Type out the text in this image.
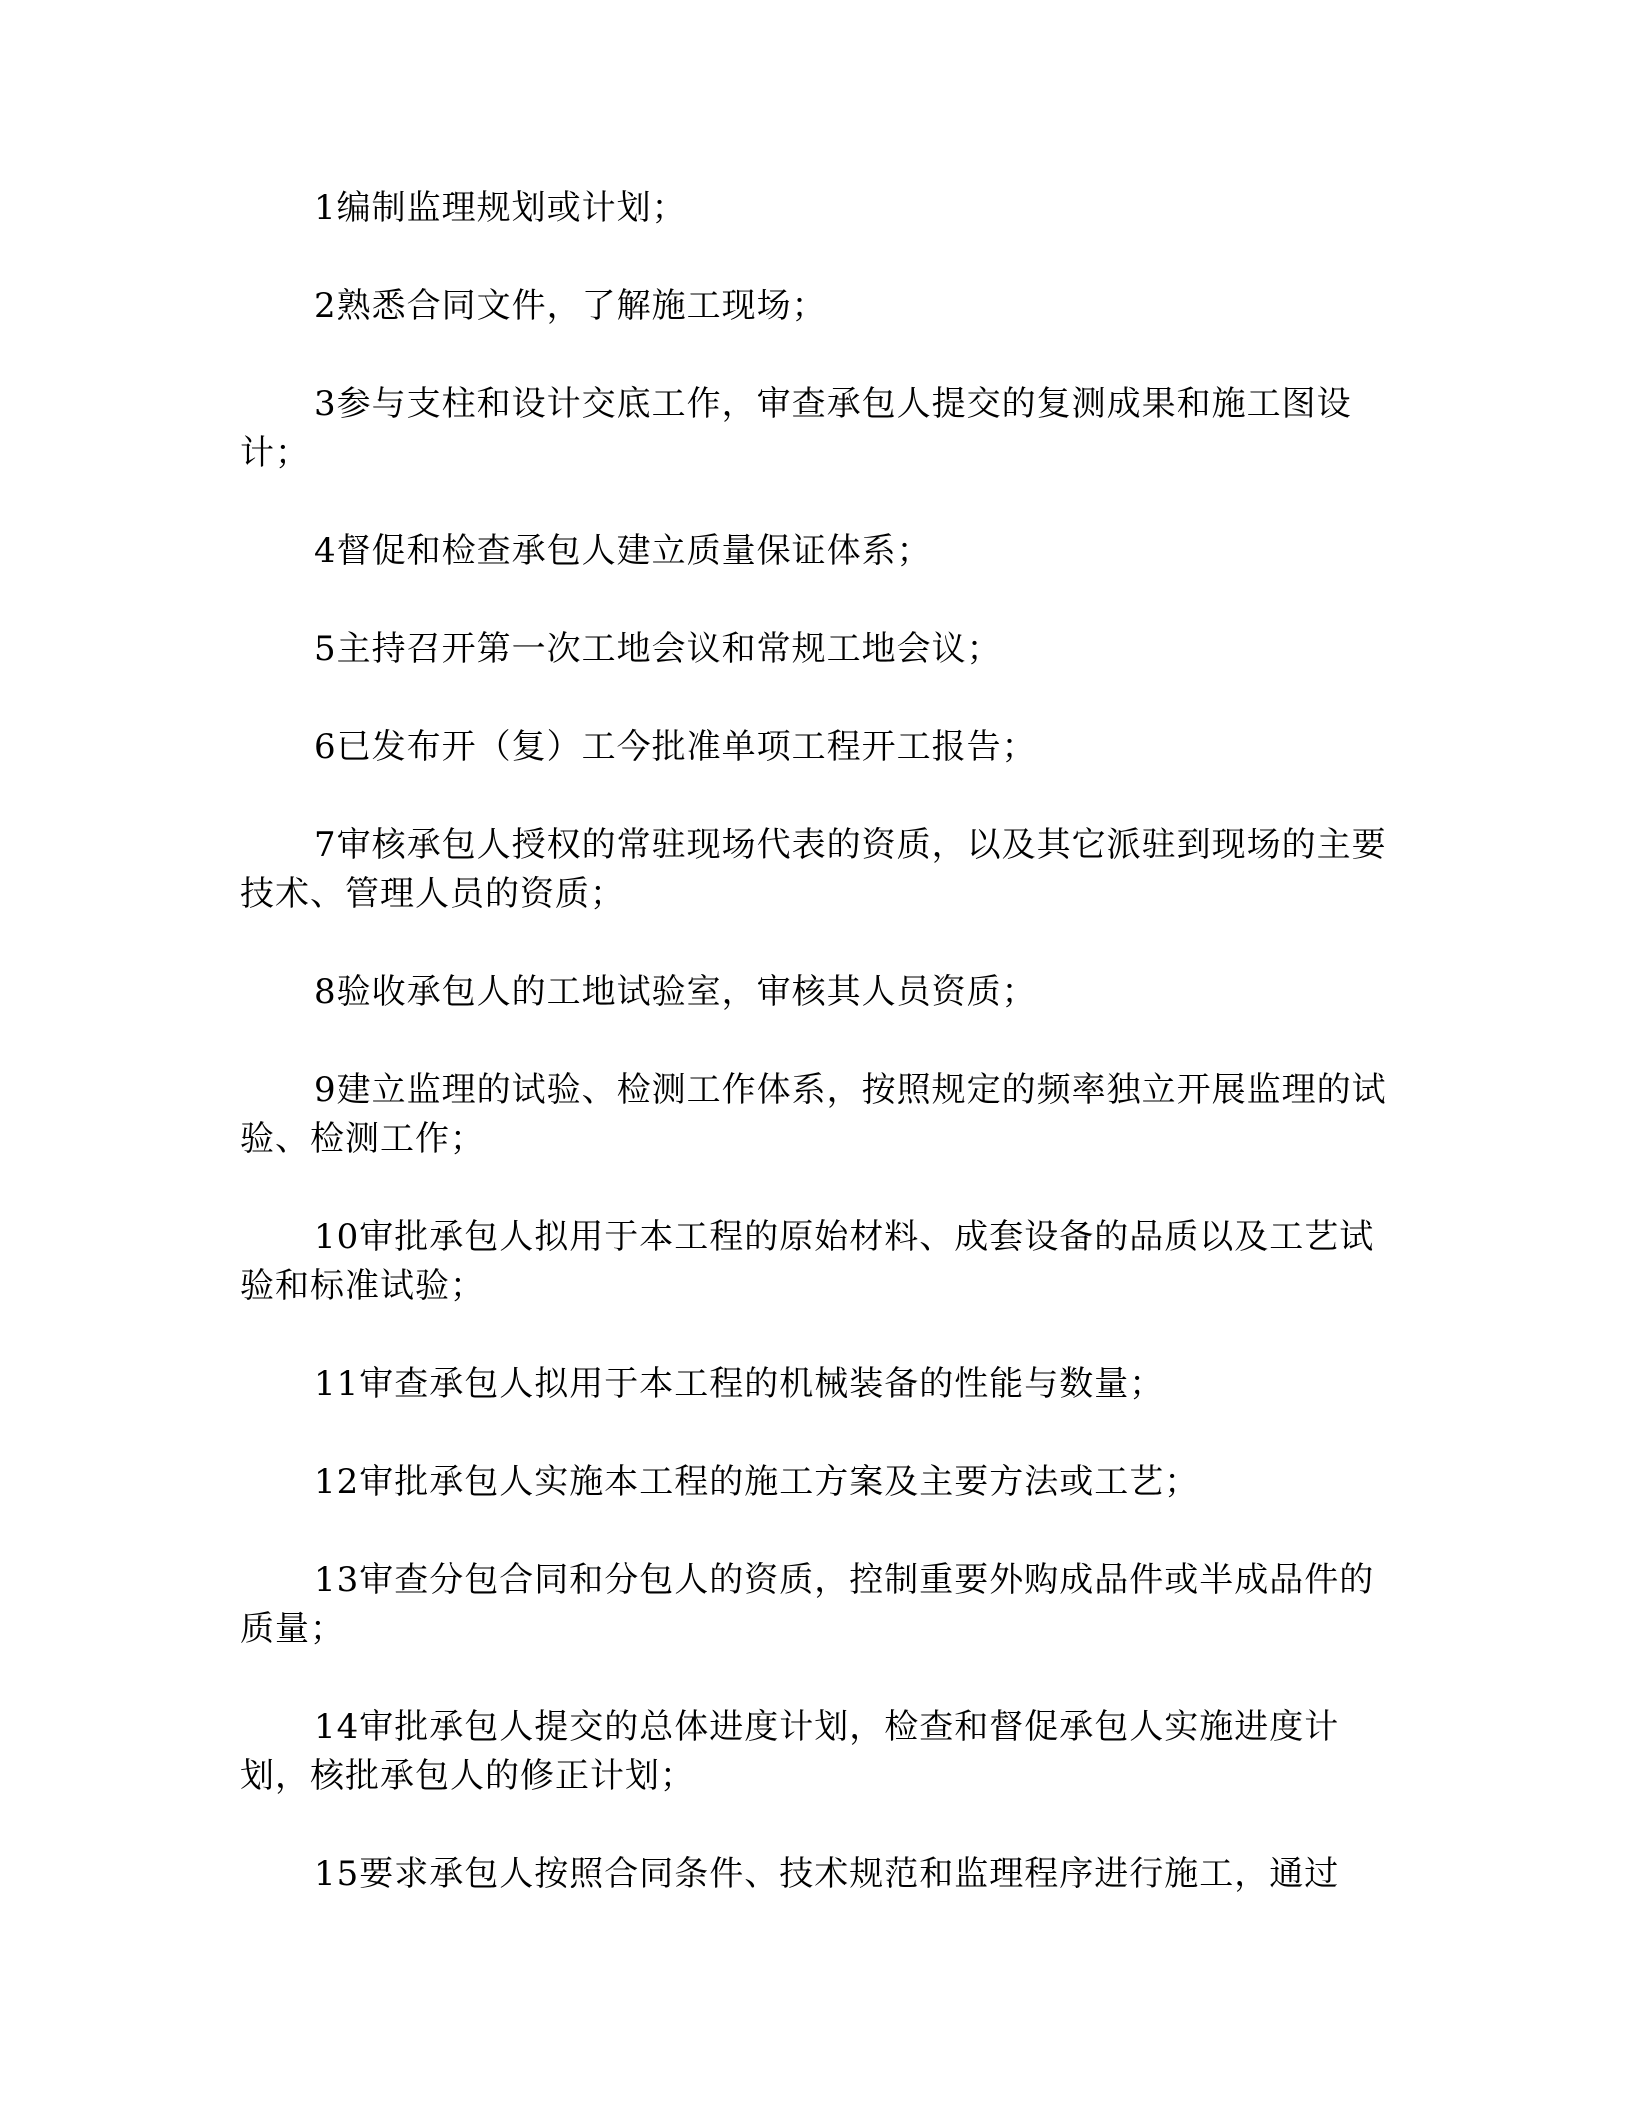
1编制监理规划或计划；

2熟悉合同文件，了解施工现场；

3参与支柱和设计交底工作，审查承包人提交的复测成果和施工图设计；

4督促和检查承包人建立质量保证体系；

5主持召开第一次工地会议和常规工地会议；

6已发布开（复）工今批准单项工程开工报告；

7审核承包人授权的常驻现场代表的资质，以及其它派驻到现场的主要技术、管理人员的资质；

8验收承包人的工地试验室，审核其人员资质；

9建立监理的试验、检测工作体系，按照规定的频率独立开展监理的试验、检测工作；

10审批承包人拟用于本工程的原始材料、成套设备的品质以及工艺试验和标准试验；

11审查承包人拟用于本工程的机械装备的性能与数量；

12审批承包人实施本工程的施工方案及主要方法或工艺；

13审查分包合同和分包人的资质，控制重要外购成品件或半成品件的质量；

14审批承包人提交的总体进度计划，检查和督促承包人实施进度计划，核批承包人的修正计划；

15要求承包人按照合同条件、技术规范和监理程序进行施工，通过
